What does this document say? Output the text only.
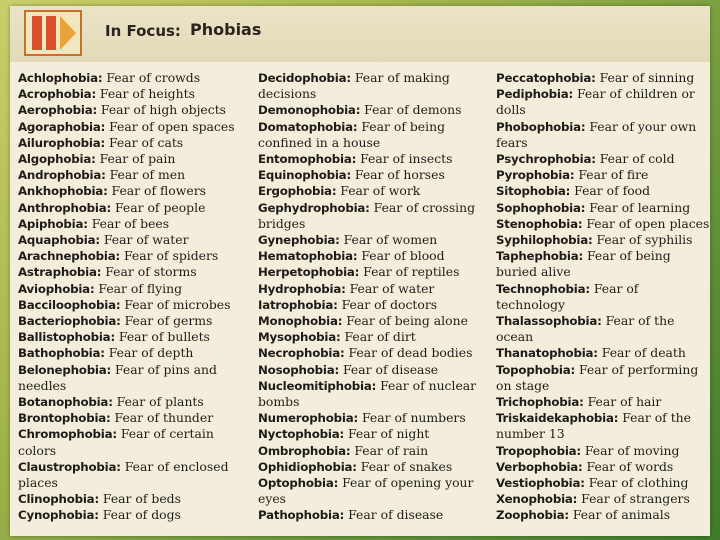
In Focus: Phobias

Achlophobia: Fear of crowds

Acrophobia: Fear of heights

Aerophobia: Fear of high objects

Agoraphobia: Fear of open spaces

Ailurophobia: Fear of cats

Algophobia: Fear of pain

Androphobia: Fear of men

Ankhophobia: Fear of flowers

Anthrophobia: Fear of people

Apiphobia: Fear of bees

Aquaphobia: Fear of water

Arachnephobia: Fear of spiders

Astraphobia: Fear of storms

Aviophobia: Fear of flying

Bacciloophobia: Fear of microbes

Bacteriophobia: Fear of germs

Ballistophobia: Fear of bullets

Bathophobia: Fear of depth

Belonephobia: Fear of pins and needles

Botanophobia: Fear of plants

Brontophobia: Fear of thunder

Chromophobia: Fear of certain colors

Claustrophobia: Fear of enclosed places

Clinophobia: Fear of beds

Cynophobia: Fear of dogs

Decidophobia: Fear of making decisions

Demonophobia: Fear of demons

Domatophobia: Fear of being confined in a house

Entomophobia: Fear of insects

Equinophobia: Fear of horses

Ergophobia: Fear of work

Gephydrophobia: Fear of crossing bridges

Gynephobia: Fear of women

Hematophobia: Fear of blood

Herpetophobia: Fear of reptiles

Hydrophobia: Fear of water

Iatrophobia: Fear of doctors

Monophobia: Fear of being alone

Mysophobia: Fear of dirt

Necrophobia: Fear of dead bodies

Nosophobia: Fear of disease

Nucleomitiphobia: Fear of nuclear bombs

Numerophobia: Fear of numbers

Nyctophobia: Fear of night

Ombrophobia: Fear of rain

Ophidiophobia: Fear of snakes

Optophobia: Fear of opening your eyes

Pathophobia: Fear of disease

Peccatophobia: Fear of sinning

Pediphobia: Fear of children or dolls

Phobophobia: Fear of your own fears

Psychrophobia: Fear of cold

Pyrophobia: Fear of fire

Sitophobia: Fear of food

Sophophobia: Fear of learning

Stenophobia: Fear of open places

Syphilophobia: Fear of syphilis

Taphephobia: Fear of being buried alive

Technophobia: Fear of technology

Thalassophobia: Fear of the ocean

Thanatophobia: Fear of death

Topophobia: Fear of performing on stage

Trichophobia: Fear of hair

Triskaidekaphobia: Fear of the number 13

Tropophobia: Fear of moving

Verbophobia: Fear of words

Vestiophobia: Fear of clothing

Xenophobia: Fear of strangers

Zoophobia: Fear of animals
